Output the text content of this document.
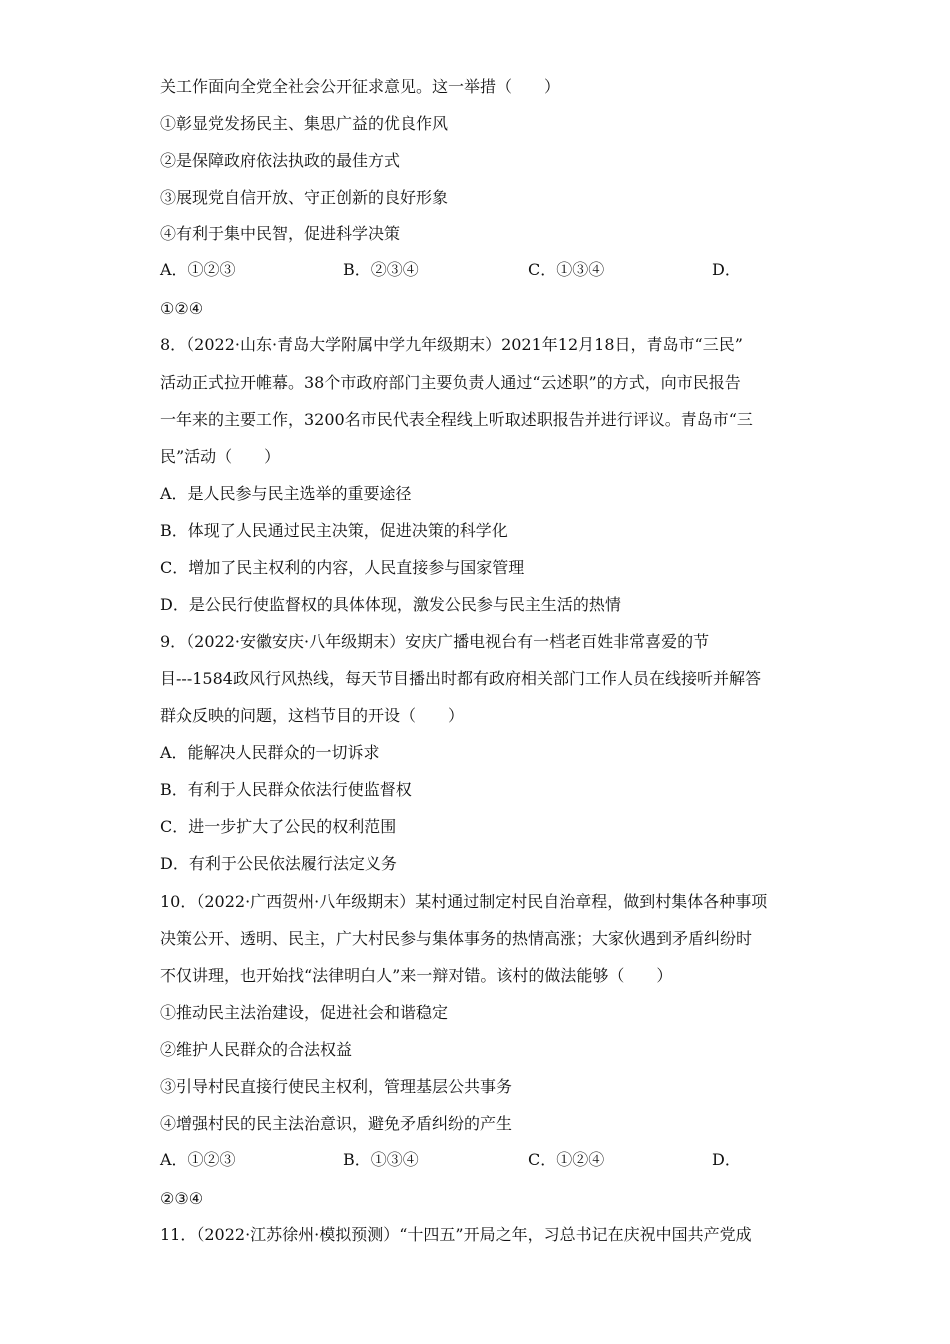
关工作面向全党全社会公开征求意见。这一举措（　　）
①彰显党发扬民主、集思广益的优良作风
②是保障政府依法执政的最佳方式
③展现党自信开放、守正创新的良好形象
④有利于集中民智，促进科学决策
A．①②③	B．②③④	C．①③④	D．
①②④
8．（2022·山东·青岛大学附属中学九年级期末）2021年12月18日，青岛市“三民”
活动正式拉开帷幕。38个市政府部门主要负责人通过“云述职”的方式，向市民报告
一年来的主要工作，3200名市民代表全程线上听取述职报告并进行评议。青岛市“三
民”活动（　　）
A．是人民参与民主选举的重要途径
B．体现了人民通过民主决策，促进决策的科学化
C．增加了民主权利的内容，人民直接参与国家管理
D．是公民行使监督权的具体体现，激发公民参与民主生活的热情
9．（2022·安徽安庆·八年级期末）安庆广播电视台有一档老百姓非常喜爱的节
目---1584政风行风热线，每天节目播出时都有政府相关部门工作人员在线接听并解答
群众反映的问题，这档节目的开设（　　）
A．能解决人民群众的一切诉求
B．有利于人民群众依法行使监督权
C．进一步扩大了公民的权利范围
D．有利于公民依法履行法定义务
10．（2022·广西贺州·八年级期末）某村通过制定村民自治章程，做到村集体各种事项
决策公开、透明、民主，广大村民参与集体事务的热情高涨；大家伙遇到矛盾纠纷时
不仅讲理，也开始找“法律明白人”来一辩对错。该村的做法能够（　　）
①推动民主法治建设，促进社会和谐稳定
②维护人民群众的合法权益
③引导村民直接行使民主权利，管理基层公共事务
④增强村民的民主法治意识，避免矛盾纠纷的产生
A．①②③	B．①③④	C．①②④	D．
②③④
11．（2022·江苏徐州·模拟预测）“十四五”开局之年，习总书记在庆祝中国共产党成
